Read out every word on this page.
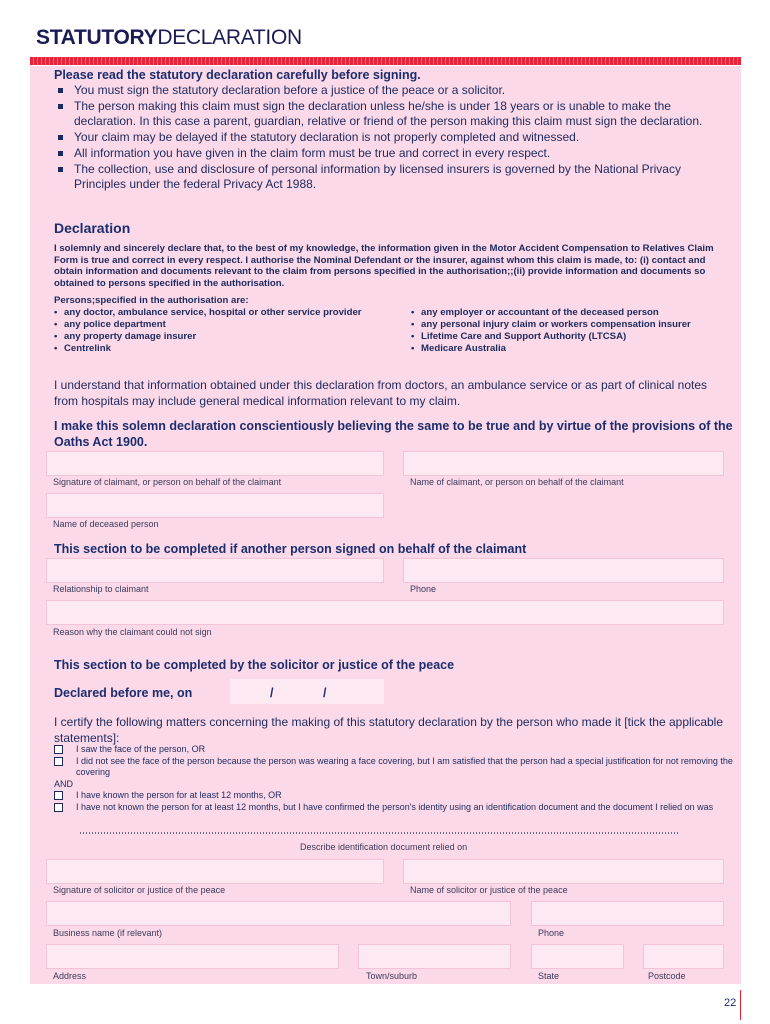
STATUTORYDECLARATION
Please read the statutory declaration carefully before signing.
You must sign the statutory declaration before a justice of the peace or a solicitor.
The person making this claim must sign the declaration unless he/she is under 18 years or is unable to make the declaration. In this case a parent, guardian, relative or friend of the person making this claim must sign the declaration.
Your claim may be delayed if the statutory declaration is not properly completed and witnessed.
All information you have given in the claim form must be true and correct in every respect.
The collection, use and disclosure of personal information by licensed insurers is governed by the National Privacy Principles under the federal Privacy Act 1988.
Declaration
I solemnly and sincerely declare that, to the best of my knowledge, the information given in the Motor Accident Compensation to Relatives Claim Form is true and correct in every respect. I authorise the Nominal Defendant or the insurer, against whom this claim is made, to: (i) contact and obtain information and documents relevant to the claim from persons specified in the authorisation;;(ii) provide information and documents so obtained to persons specified in the authorisation.
Persons;specified in the authorisation are:
• any doctor, ambulance service, hospital or other service provider
• any police department
• any property damage insurer
• Centrelink
• any employer or accountant of the deceased person
• any personal injury claim or workers compensation insurer
• Lifetime Care and Support Authority (LTCSA)
• Medicare Australia
I understand that information obtained under this declaration from doctors, an ambulance service or as part of clinical notes from hospitals may include general medical information relevant to my claim.
I make this solemn declaration conscientiously believing the same to be true and by virtue of the provisions of the Oaths Act 1900.
Signature of claimant, or person on behalf of the claimant	Name of claimant, or person on behalf of the claimant
Name of deceased person
This section to be completed if another person signed on behalf of the claimant
Relationship to claimant	Phone
Reason why the claimant could not sign
This section to be completed by the solicitor or justice of the peace
Declared before me, on	/	/
I certify the following matters concerning the making of this statutory declaration by the person who made it [tick the applicable statements]:
I saw the face of the person, OR
I did not see the face of the person because the person was wearing a face covering, but I am satisfied that the person had a special justification for not removing the covering
AND
I have known the person for at least 12 months, OR
I have not known the person for at least 12 months, but I have confirmed the person's identity using an identification document and the document I relied on was
Describe identification document relied on
Signature of solicitor or justice of the peace	Name of solicitor or justice of the peace
Business name (if relevant)	Phone
Address	Town/suburb	State	Postcode
22
